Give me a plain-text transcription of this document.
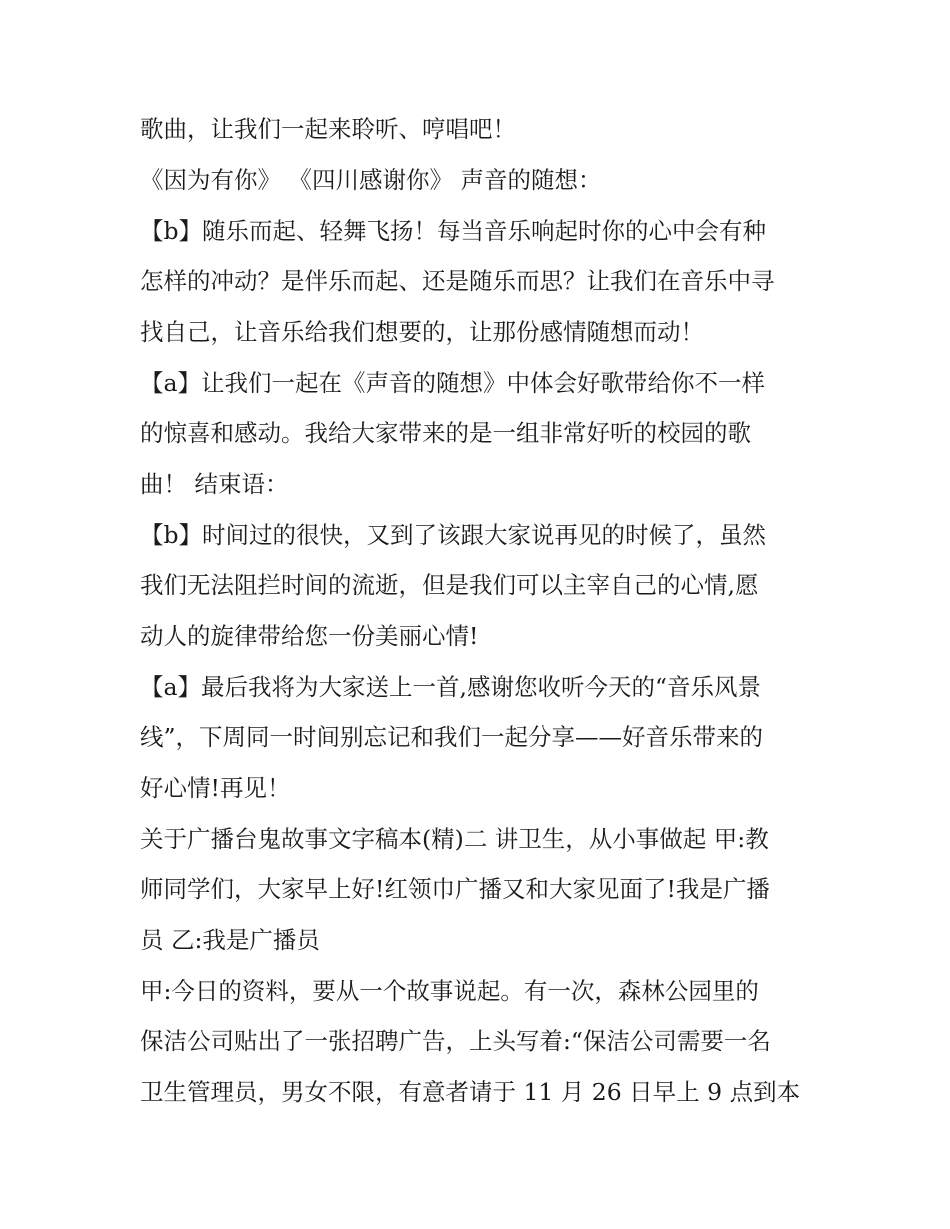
歌曲，让我们一起来聆听、哼唱吧！
《因为有你》 《四川感谢你》 声音的随想：
【b】随乐而起、轻舞飞扬！每当音乐响起时你的心中会有种
怎样的冲动？是伴乐而起、还是随乐而思？让我们在音乐中寻
找自己，让音乐给我们想要的，让那份感情随想而动！
【a】让我们一起在《声音的随想》中体会好歌带给你不一样
的惊喜和感动。我给大家带来的是一组非常好听的校园的歌
曲！ 结束语：
【b】时间过的很快，又到了该跟大家说再见的时候了，虽然
我们无法阻拦时间的流逝，但是我们可以主宰自己的心情,愿
动人的旋律带给您一份美丽心情!
【a】最后我将为大家送上一首,感谢您收听今天的“音乐风景
线”，下周同一时间别忘记和我们一起分享——好音乐带来的
好心情!再见！
关于广播台鬼故事文字稿本(精)二 讲卫生，从小事做起 甲:教
师同学们，大家早上好!红领巾广播又和大家见面了!我是广播
员 乙:我是广播员
甲:今日的资料，要从一个故事说起。有一次，森林公园里的
保洁公司贴出了一张招聘广告，上头写着:“保洁公司需要一名
卫生管理员，男女不限，有意者请于 11 月 26 日早上 9 点到本
